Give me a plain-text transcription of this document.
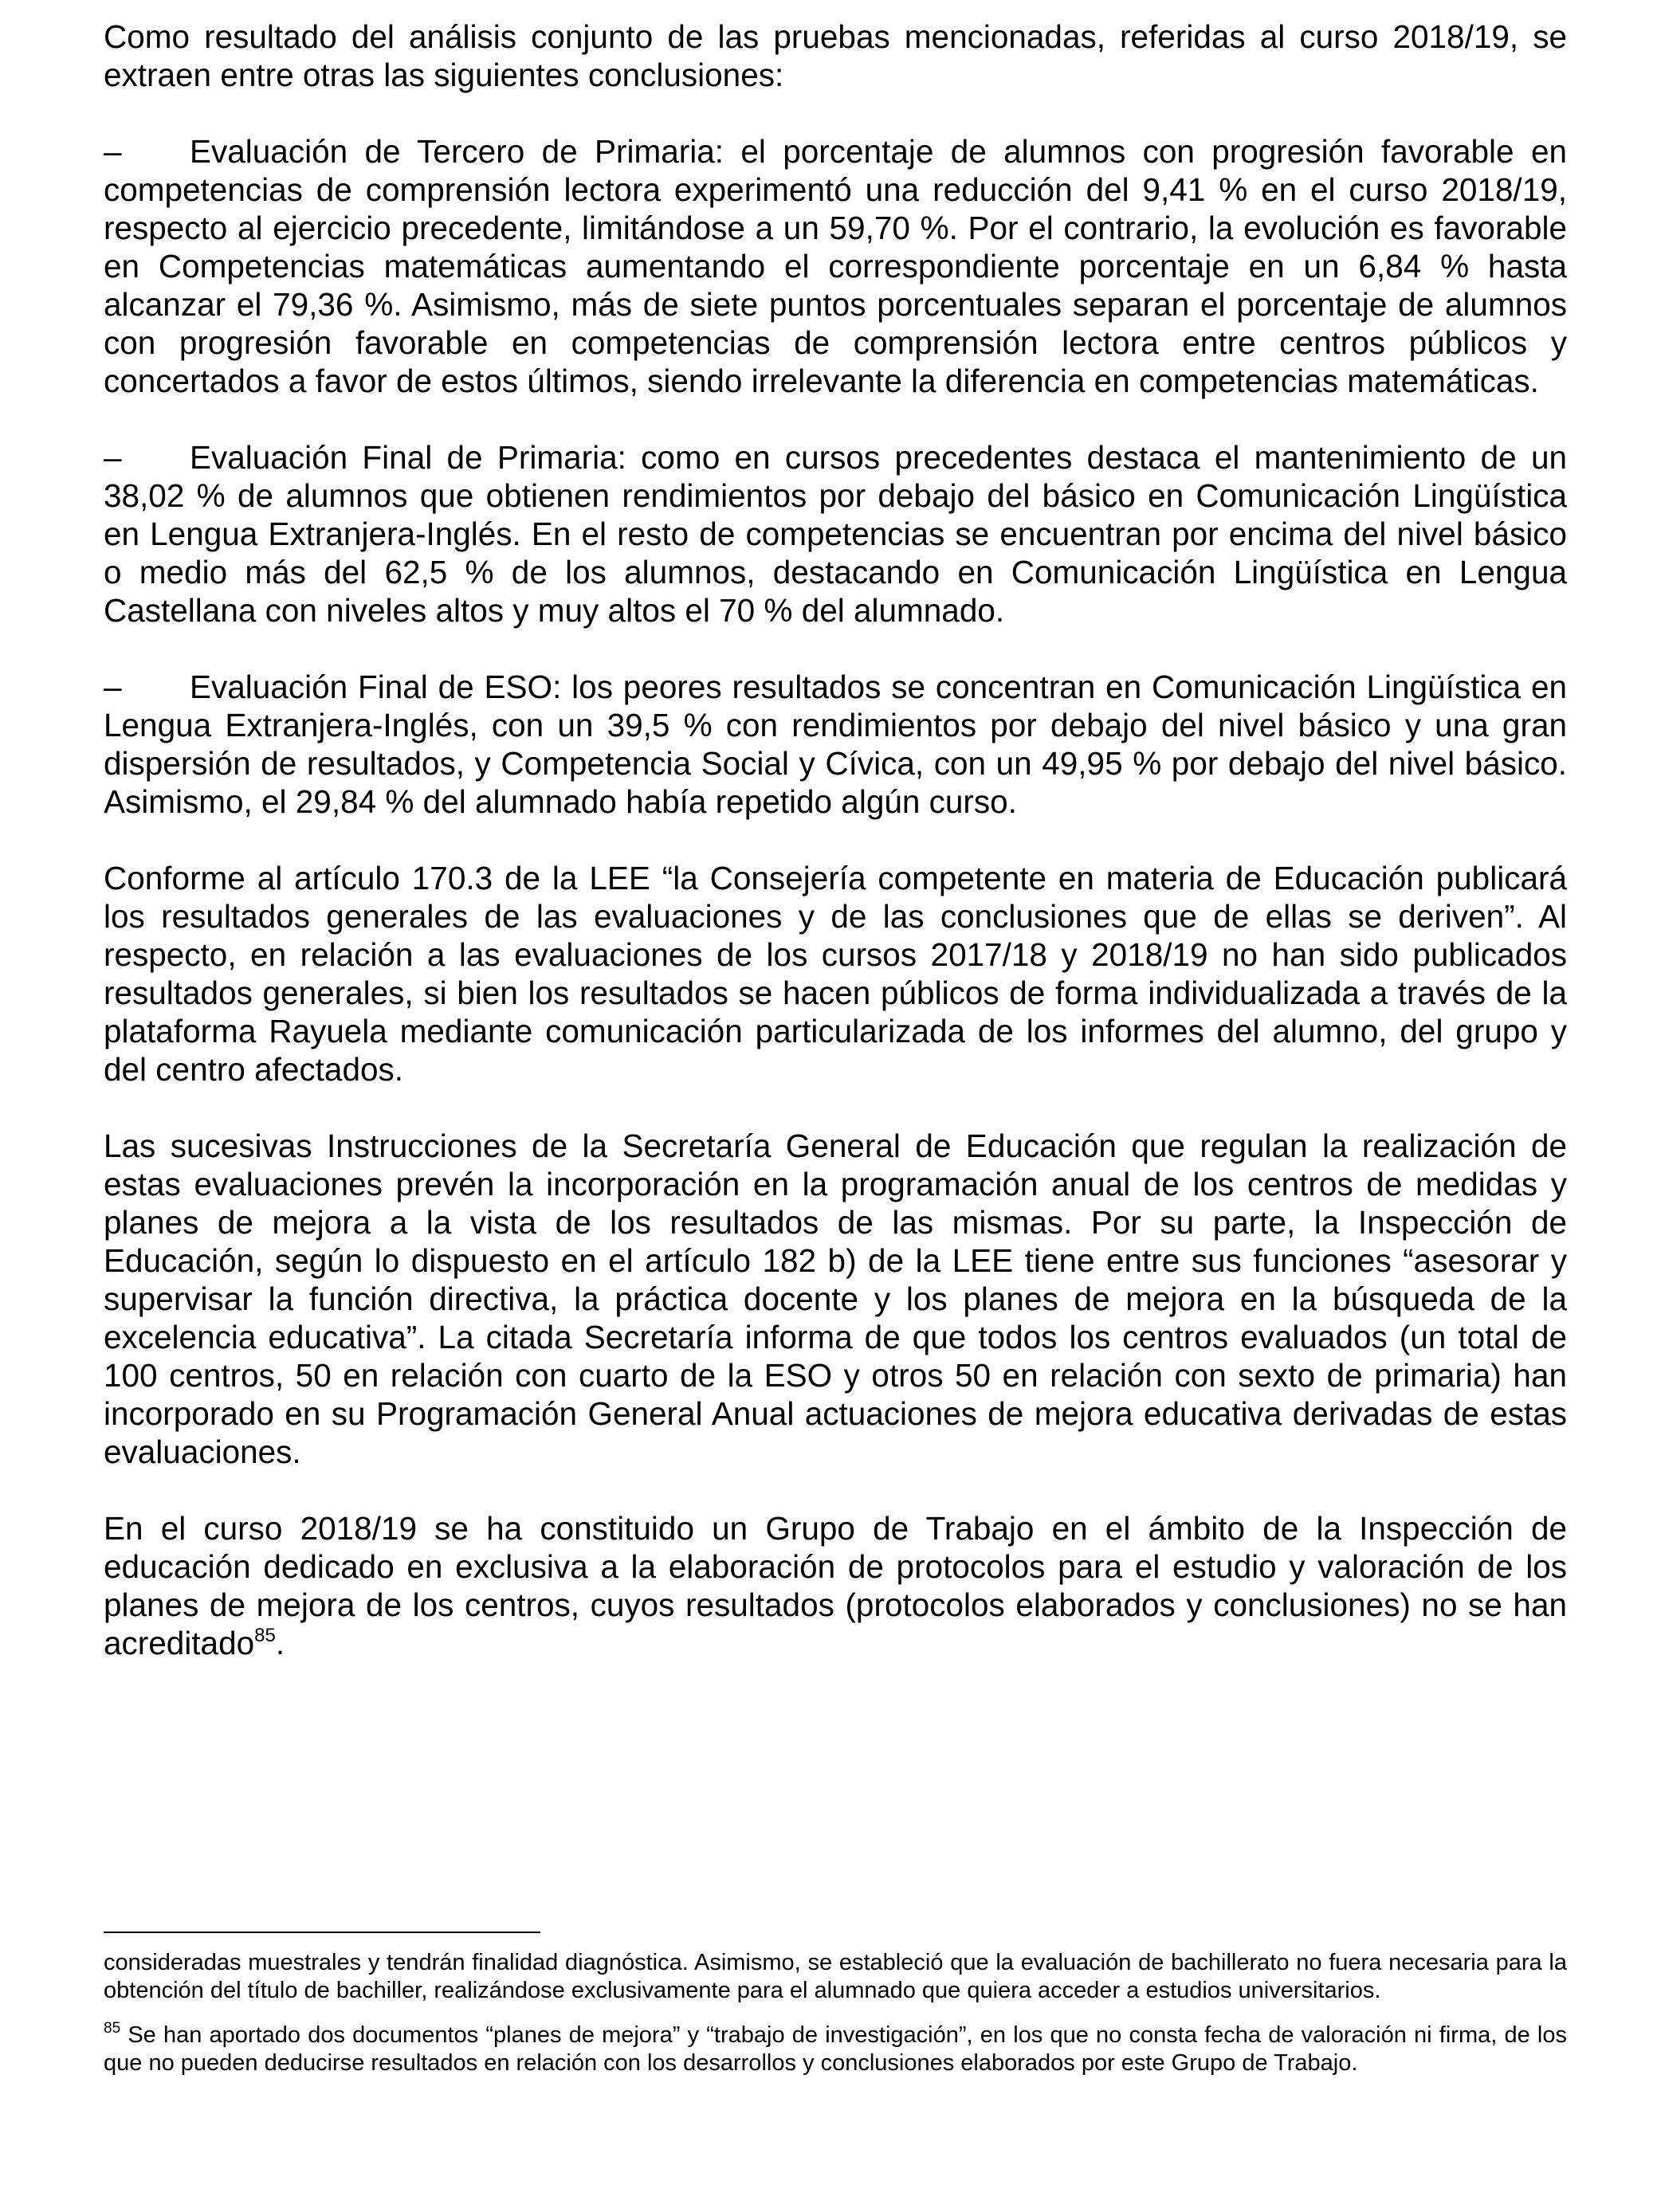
Como resultado del análisis conjunto de las pruebas mencionadas, referidas al curso 2018/19, se extraen entre otras las siguientes conclusiones:

– Evaluación de Tercero de Primaria: el porcentaje de alumnos con progresión favorable en competencias de comprensión lectora experimentó una reducción del 9,41 % en el curso 2018/19, respecto al ejercicio precedente, limitándose a un 59,70 %. Por el contrario, la evolución es favorable en Competencias matemáticas aumentando el correspondiente porcentaje en un 6,84 % hasta alcanzar el 79,36 %. Asimismo, más de siete puntos porcentuales separan el porcentaje de alumnos con progresión favorable en competencias de comprensión lectora entre centros públicos y concertados a favor de estos últimos, siendo irrelevante la diferencia en competencias matemáticas.

– Evaluación Final de Primaria: como en cursos precedentes destaca el mantenimiento de un 38,02 % de alumnos que obtienen rendimientos por debajo del básico en Comunicación Lingüística en Lengua Extranjera-Inglés. En el resto de competencias se encuentran por encima del nivel básico o medio más del 62,5 % de los alumnos, destacando en Comunicación Lingüística en Lengua Castellana con niveles altos y muy altos el 70 % del alumnado.

– Evaluación Final de ESO: los peores resultados se concentran en Comunicación Lingüística en Lengua Extranjera-Inglés, con un 39,5 % con rendimientos por debajo del nivel básico y una gran dispersión de resultados, y Competencia Social y Cívica, con un 49,95 % por debajo del nivel básico. Asimismo, el 29,84 % del alumnado había repetido algún curso.

Conforme al artículo 170.3 de la LEE “la Consejería competente en materia de Educación publicará los resultados generales de las evaluaciones y de las conclusiones que de ellas se deriven”. Al respecto, en relación a las evaluaciones de los cursos 2017/18 y 2018/19 no han sido publicados resultados generales, si bien los resultados se hacen públicos de forma individualizada a través de la plataforma Rayuela mediante comunicación particularizada de los informes del alumno, del grupo y del centro afectados.

Las sucesivas Instrucciones de la Secretaría General de Educación que regulan la realización de estas evaluaciones prevén la incorporación en la programación anual de los centros de medidas y planes de mejora a la vista de los resultados de las mismas. Por su parte, la Inspección de Educación, según lo dispuesto en el artículo 182 b) de la LEE tiene entre sus funciones “asesorar y supervisar la función directiva, la práctica docente y los planes de mejora en la búsqueda de la excelencia educativa”. La citada Secretaría informa de que todos los centros evaluados (un total de 100 centros, 50 en relación con cuarto de la ESO y otros 50 en relación con sexto de primaria) han incorporado en su Programación General Anual actuaciones de mejora educativa derivadas de estas evaluaciones.

En el curso 2018/19 se ha constituido un Grupo de Trabajo en el ámbito de la Inspección de educación dedicado en exclusiva a la elaboración de protocolos para el estudio y valoración de los planes de mejora de los centros, cuyos resultados (protocolos elaborados y conclusiones) no se han acreditado$^{85}$.

consideradas muestrales y tendrán finalidad diagnóstica. Asimismo, se estableció que la evaluación de bachillerato no fuera necesaria para la obtención del título de bachiller, realizándose exclusivamente para el alumnado que quiera acceder a estudios universitarios.

$^{85}$ Se han aportado dos documentos “planes de mejora” y “trabajo de investigación”, en los que no consta fecha de valoración ni firma, de los que no pueden deducirse resultados en relación con los desarrollos y conclusiones elaborados por este Grupo de Trabajo.
